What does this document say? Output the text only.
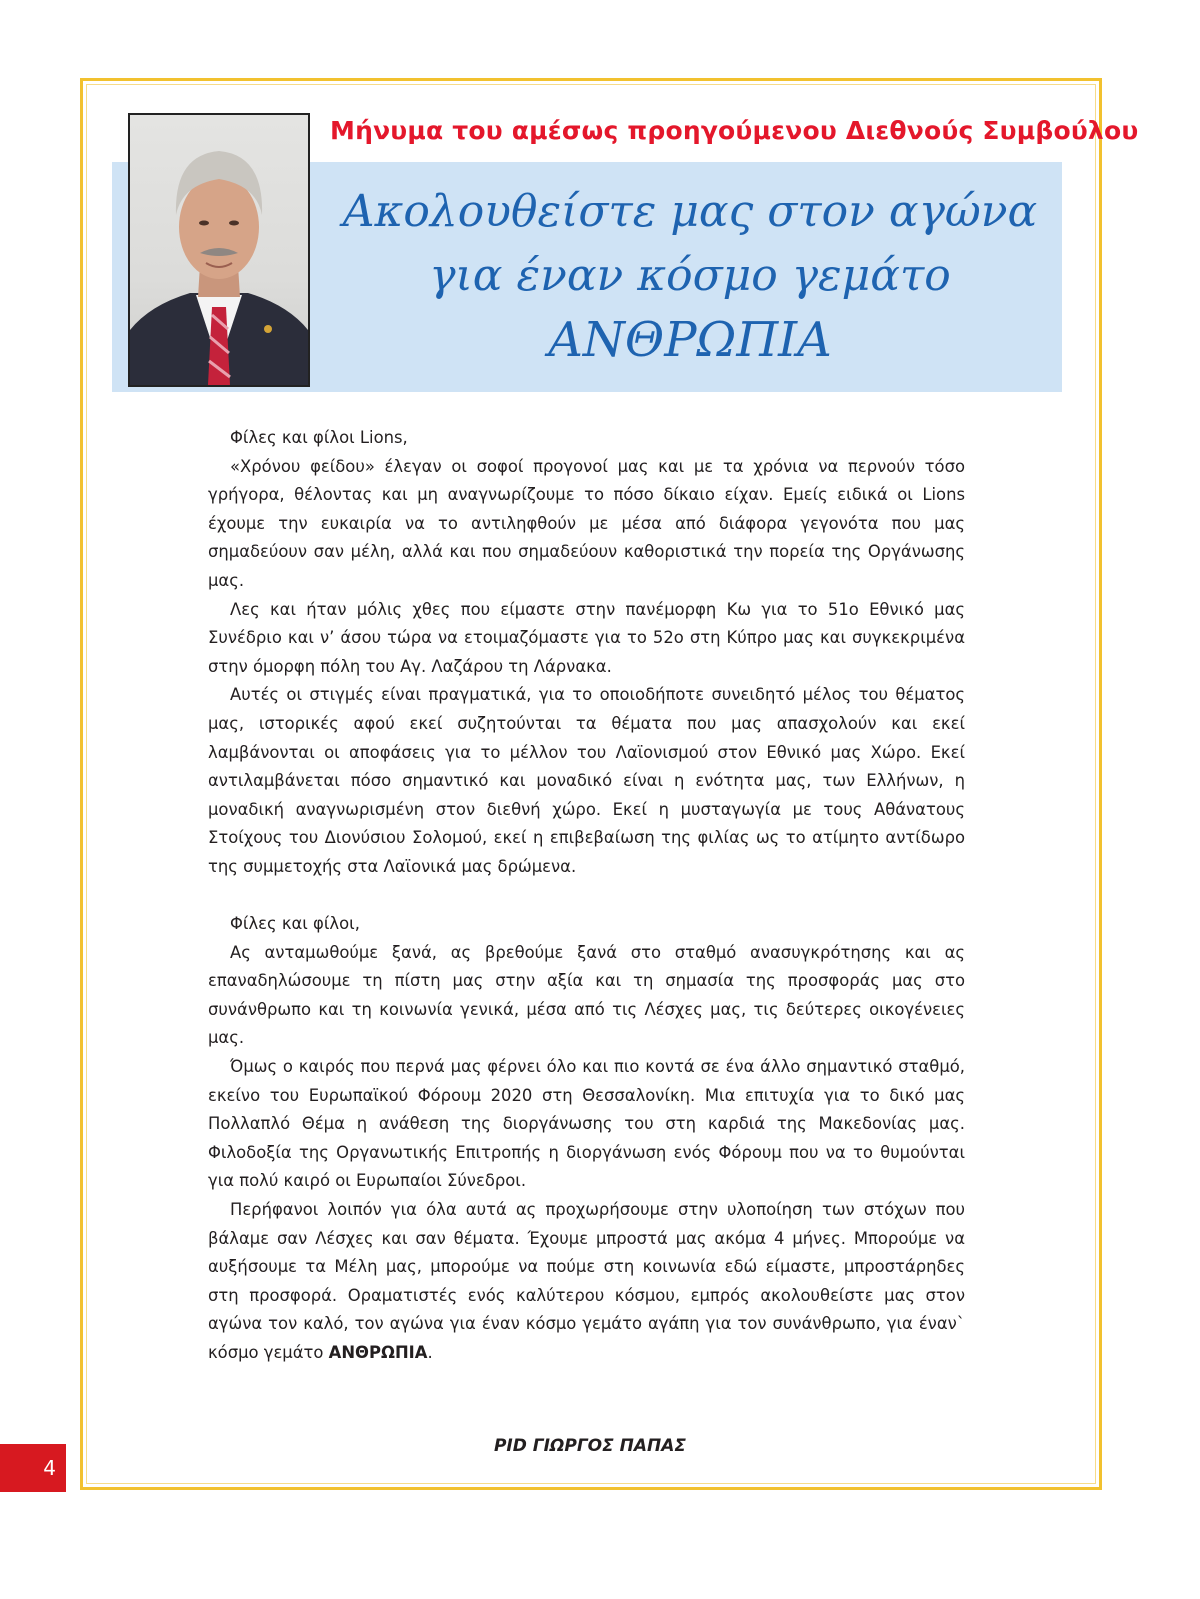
Μήνυμα του αμέσως προηγούμενου Διεθνούς Συμβούλου
Ακολουθείστε μας στον αγώνα
για έναν κόσμο γεμάτο
ΑΝΘΡΩΠΙΑ

Φίλες και φίλοι Lions,

«Χρόνου φείδου» έλεγαν οι σοφοί προγονοί μας και με τα χρόνια να περνούν τόσο γρήγορα, θέλοντας και μη αναγνωρίζουμε το πόσο δίκαιο είχαν. Εμείς ειδικά οι Lions έχουμε την ευκαιρία να το αντιληφθούν με μέσα από διάφορα γεγονότα που μας σημαδεύουν σαν μέλη, αλλά και που σημαδεύουν καθοριστικά την πορεία της Οργάνωσης μας.

Λες και ήταν μόλις χθες που είμαστε στην πανέμορφη Κω για το 51ο Εθνικό μας Συνέδριο και ν’ άσου τώρα να ετοιμαζόμαστε για το 52ο στη Κύπρο μας και συγκεκριμένα στην όμορφη πόλη του Αγ. Λαζάρου τη Λάρνακα.

Αυτές οι στιγμές είναι πραγματικά, για το οποιοδήποτε συνειδητό μέλος του θέματος μας, ιστορικές αφού εκεί συζητούνται τα θέματα που μας απασχολούν και εκεί λαμβάνονται οι αποφάσεις για το μέλλον του Λαϊονισμού στον Εθνικό μας Χώρο. Εκεί αντιλαμβάνεται πόσο σημαντικό και μοναδικό είναι η ενότητα μας, των Ελλήνων, η μοναδική αναγνωρισμένη στον διεθνή χώρο. Εκεί η μυσταγωγία με τους Αθάνατους Στοίχους του Διονύσιου Σολομού, εκεί η επιβεβαίωση της φιλίας ως το ατίμητο αντίδωρο της συμμετοχής στα Λαϊονικά μας δρώμενα.

Φίλες και φίλοι,

Ας ανταμωθούμε ξανά, ας βρεθούμε ξανά στο σταθμό ανασυγκρότησης και ας επαναδηλώσουμε τη πίστη μας στην αξία και τη σημασία της προσφοράς μας στο συνάνθρωπο και τη κοινωνία γενικά, μέσα από τις Λέσχες μας, τις δεύτερες οικογένειες μας.

Όμως ο καιρός που περνά μας φέρνει όλο και πιο κοντά σε ένα άλλο σημαντικό σταθμό, εκείνο του Ευρωπαϊκού Φόρουμ 2020 στη Θεσσαλονίκη. Μια επιτυχία για το δικό μας Πολλαπλό Θέμα η ανάθεση της διοργάνωσης του στη καρδιά της Μακεδονίας μας. Φιλοδοξία της Οργανωτικής Επιτροπής η διοργάνωση ενός Φόρουμ που να το θυμούνται για πολύ καιρό οι Ευρωπαίοι Σύνεδροι.

Περήφανοι λοιπόν για όλα αυτά ας προχωρήσουμε στην υλοποίηση των στόχων που βάλαμε σαν Λέσχες και σαν θέματα. Έχουμε μπροστά μας ακόμα 4 μήνες. Μπορούμε να αυξήσουμε τα Μέλη μας, μπορούμε να πούμε στη κοινωνία εδώ είμαστε, μπροστάρηδες στη προσφορά. Οραματιστές ενός καλύτερου κόσμου, εμπρός ακολουθείστε μας στον αγώνα τον καλό, τον αγώνα για έναν κόσμο γεμάτο αγάπη για τον συνάνθρωπο, για έναν` κόσμο γεμάτο ΑΝΘΡΩΠΙΑ.

PID ΓΙΩΡΓΟΣ ΠΑΠΑΣ
4
